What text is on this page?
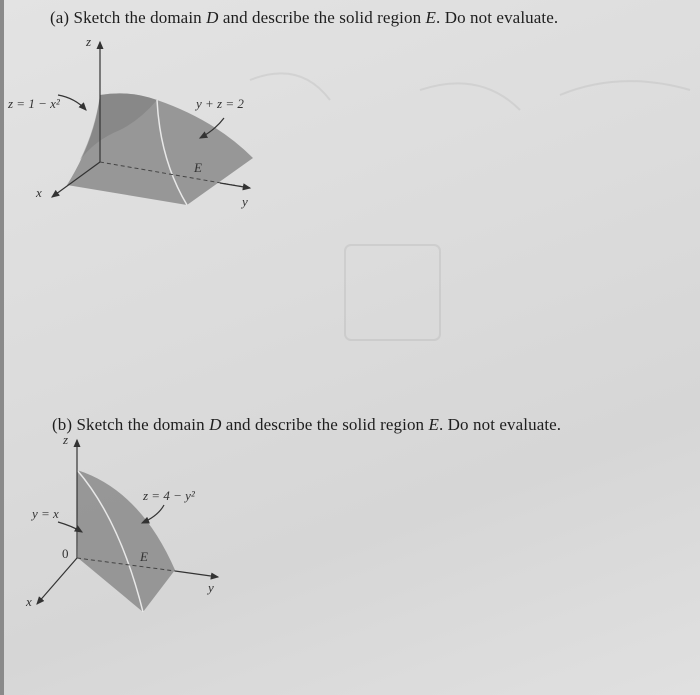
(a) Sketch the domain D and describe the solid region E. Do not evaluate.
(b) Sketch the domain D and describe the solid region E. Do not evaluate.
z
x
y
z = 1 − x²	y + z = 2
E
z
x
y
0
y = x
z = 4 − y²
E
